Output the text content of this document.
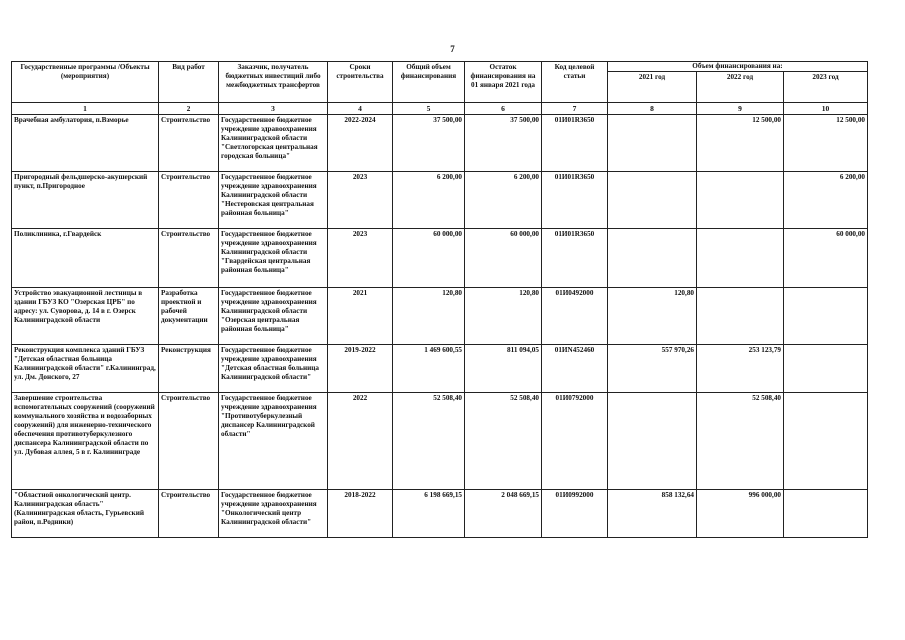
7
Государственные программы /Объекты (мероприятия)	Вид работ	Заказчик, получатель бюджетных инвестиций либо межбюджетных трансфертов	Сроки строительства	Общий объем финансирования	Остаток финансирования на 01 января 2021 года	Код целевой статьи	Объем финансирования на:		
							2021 год	2022 год	2023 год
1	2	3	4	5	6	7	8	9	10
Врачебная амбулатория, п.Взморье	Строительство	Государственное бюджетное учреждение здравоохранения Калининградской области "Светлогорская центральная городская больница"	2022-2024	37 500,00	37 500,00	01И01R3650		12 500,00	12 500,00
Пригородный фельдшерско-акушерский пункт, п.Пригородное	Строительство	Государственное бюджетное учреждение здравоохранения Калининградской области "Нестеровская центральная районная больница"	2023	6 200,00	6 200,00	01И01R3650			6 200,00
Поликлиника, г.Гвардейск	Строительство	Государственное бюджетное учреждение здравоохранения Калининградской области "Гвардейская центральная районная больница"	2023	60 000,00	60 000,00	01И01R3650			60 000,00
Устройство эвакуационной лестницы в здании ГБУЗ КО "Озерская ЦРБ" по адресу: ул. Суворова, д. 14 в г. Озерск Калининградской области	Разработка проектной и рабочей документации	Государственное бюджетное учреждение здравоохранения Калининградской области "Озерская центральная районная больница"	2021	120,80	120,80	01И0492000	120,80		
Реконструкция комплекса зданий ГБУЗ "Детская областная больница Калининградской области" г.Калининград, ул. Дм. Донского, 27	Реконструкция	Государственное бюджетное учреждение здравоохранения "Детская областная больница Калининградской области"	2019-2022	1 469 600,55	811 094,05	01ИN452460	557 970,26	253 123,79	
Завершение строительства вспомогательных сооружений (сооружений коммунального хозяйства и водозаборных сооружений) для инженерно-технического обеспечения противотуберкулезного диспансера Калининградской области по ул. Дубовая аллея, 5 в г. Калининграде	Строительство	Государственное бюджетное учреждение здравоохранения "Противотуберкулезный диспансер Калининградской области"	2022	52 508,40	52 508,40	01И0792000		52 508,40	
"Областной онкологический центр. Калининградская область" (Калининградская область, Гурьевский район, п.Родники)	Строительство	Государственное бюджетное учреждение здравоохранения "Онкологический центр Калининградской области"	2018-2022	6 198 669,15	2 048 669,15	01И0992000	858 132,64	996 000,00	
